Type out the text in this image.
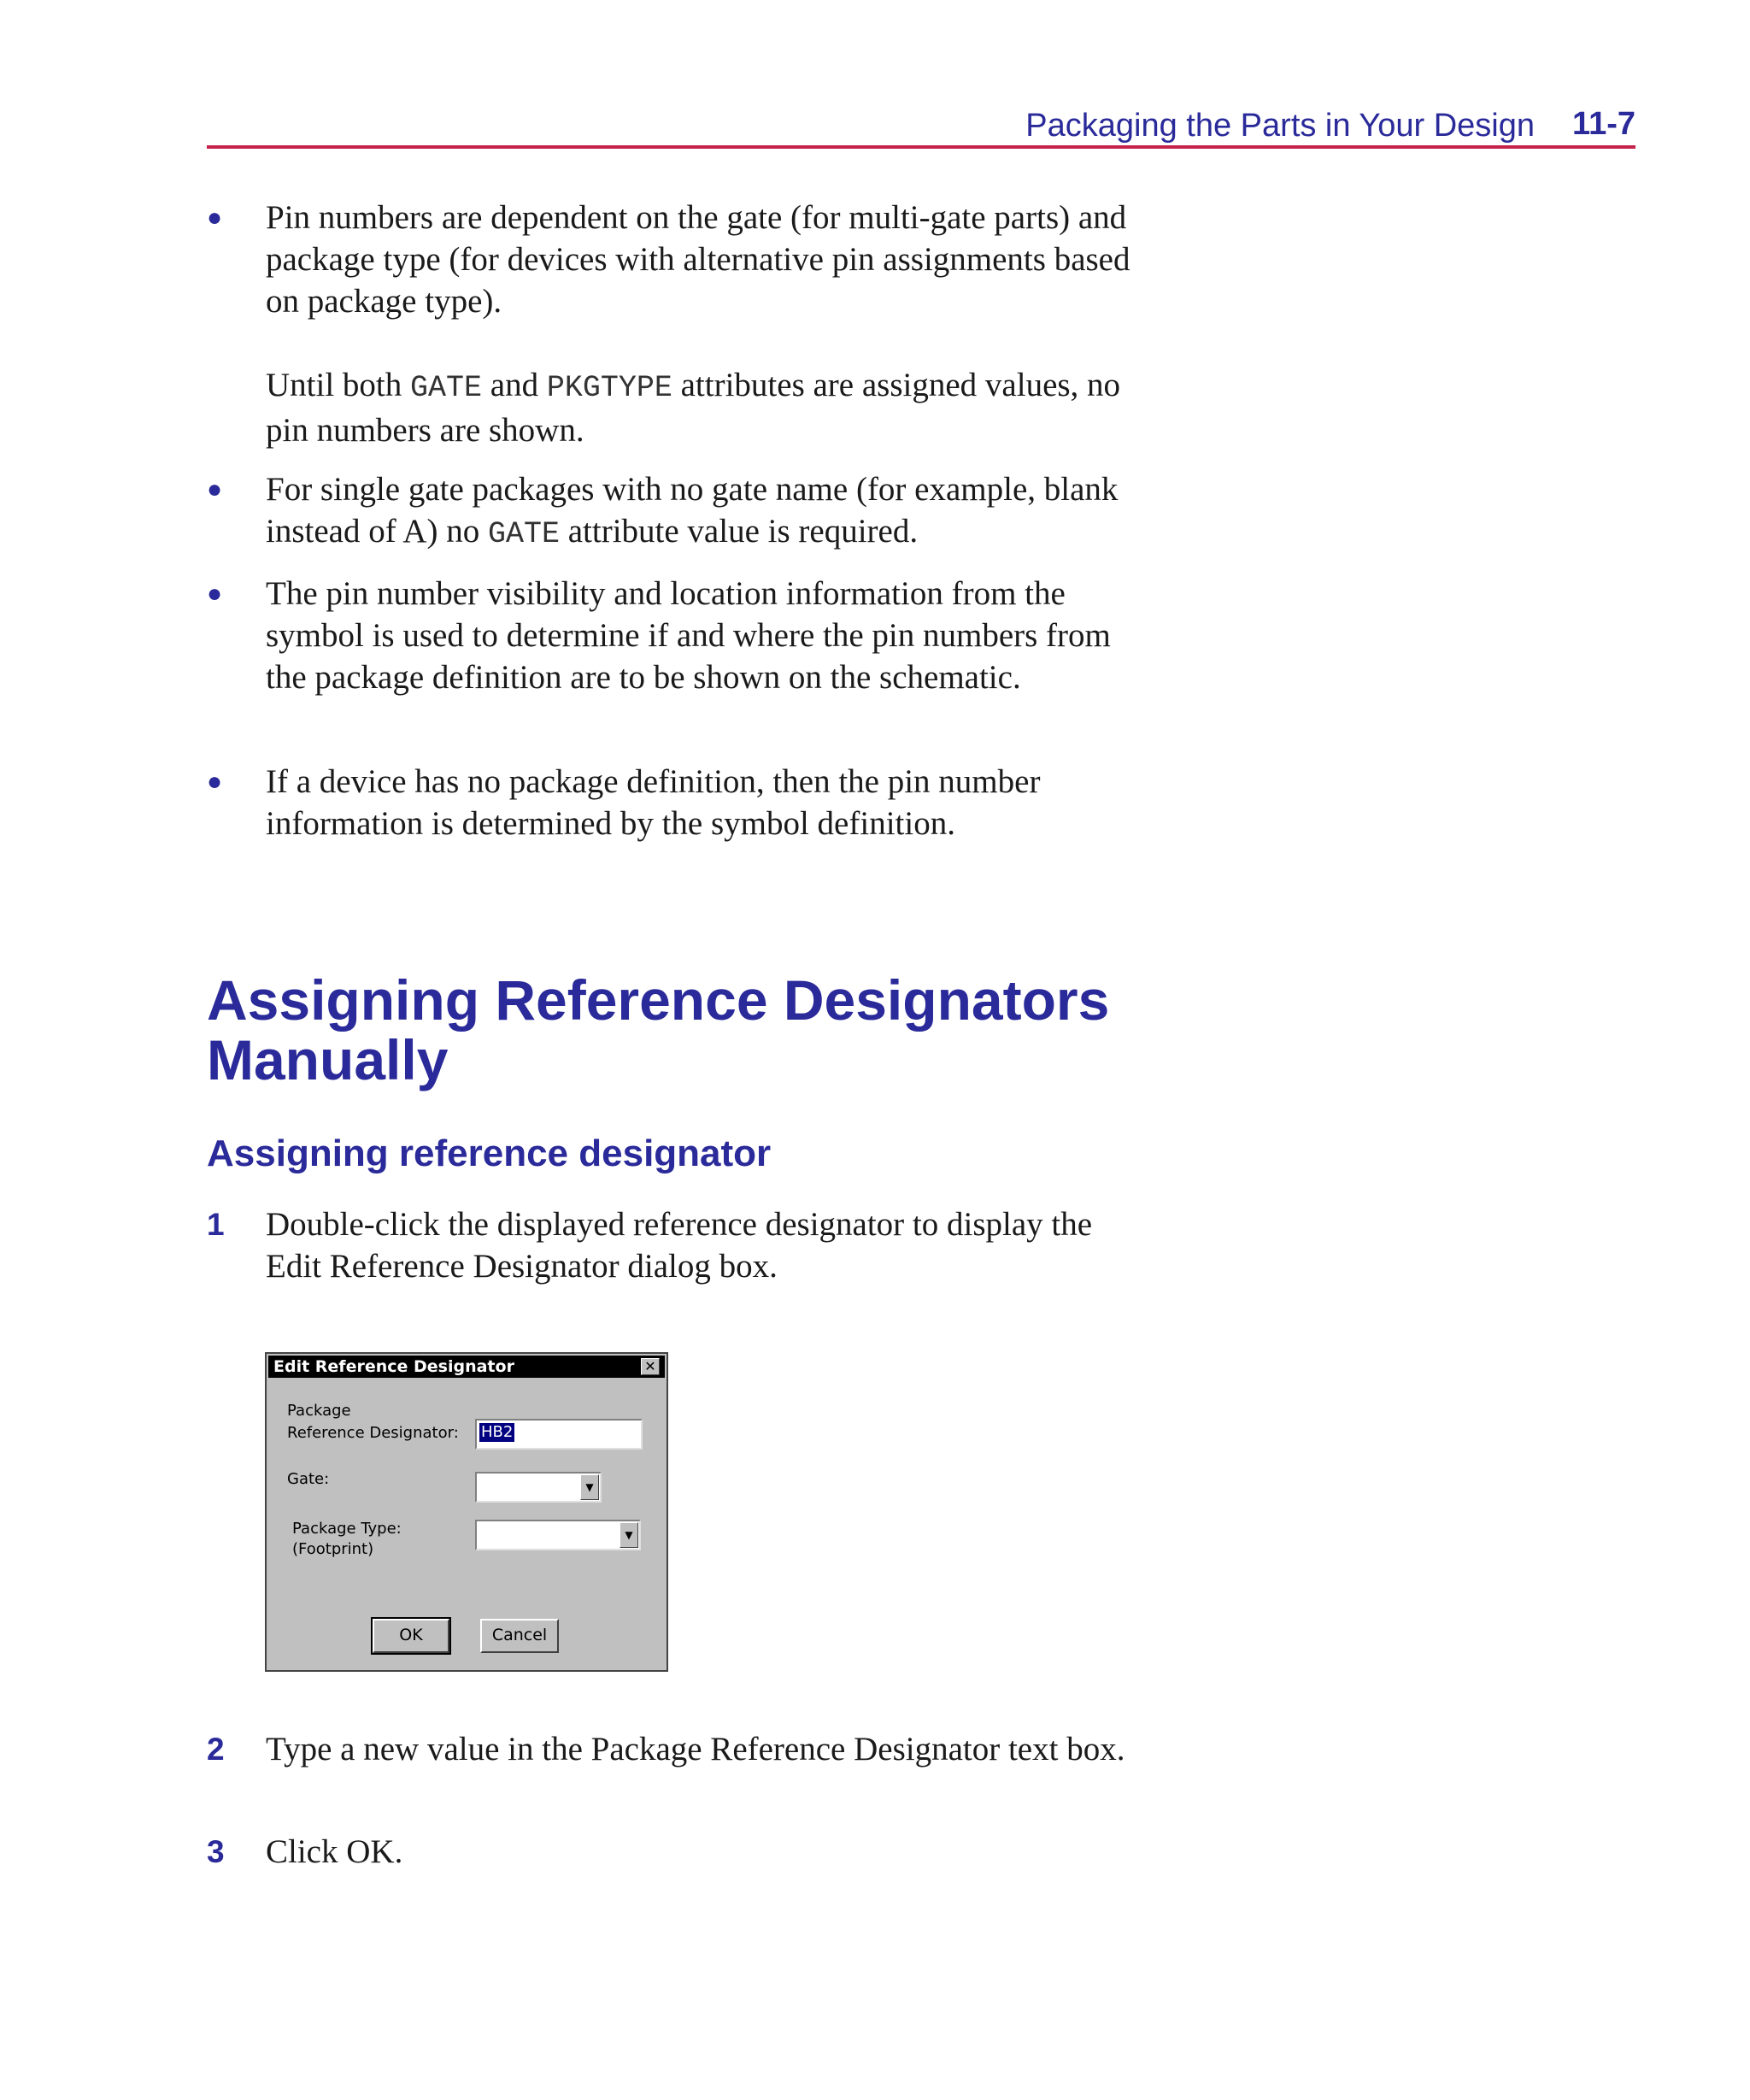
Packaging the Parts in Your Design 11-7
●	Pin numbers are dependent on the gate (for multi-gate parts) and package type (for devices with alternative pin assignments based on package type).
Until both GATE and PKGTYPE attributes are assigned values, no pin numbers are shown.
●	For single gate packages with no gate name (for example, blank instead of A) no GATE attribute value is required.
●	The pin number visibility and location information from the symbol is used to determine if and where the pin numbers from the package definition are to be shown on the schematic.
●	If a device has no package definition, then the pin number information is determined by the symbol definition.
Assigning Reference Designators Manually
Assigning reference designator
1 Double-click the displayed reference designator to display the Edit Reference Designator dialog box.
Edit Reference Designator	✕
Package
Reference Designator: HB2
Gate:	▼
Package Type:
(Footprint)
▼
OK	Cancel
2 Type a new value in the Package Reference Designator text box.
3 Click OK.
